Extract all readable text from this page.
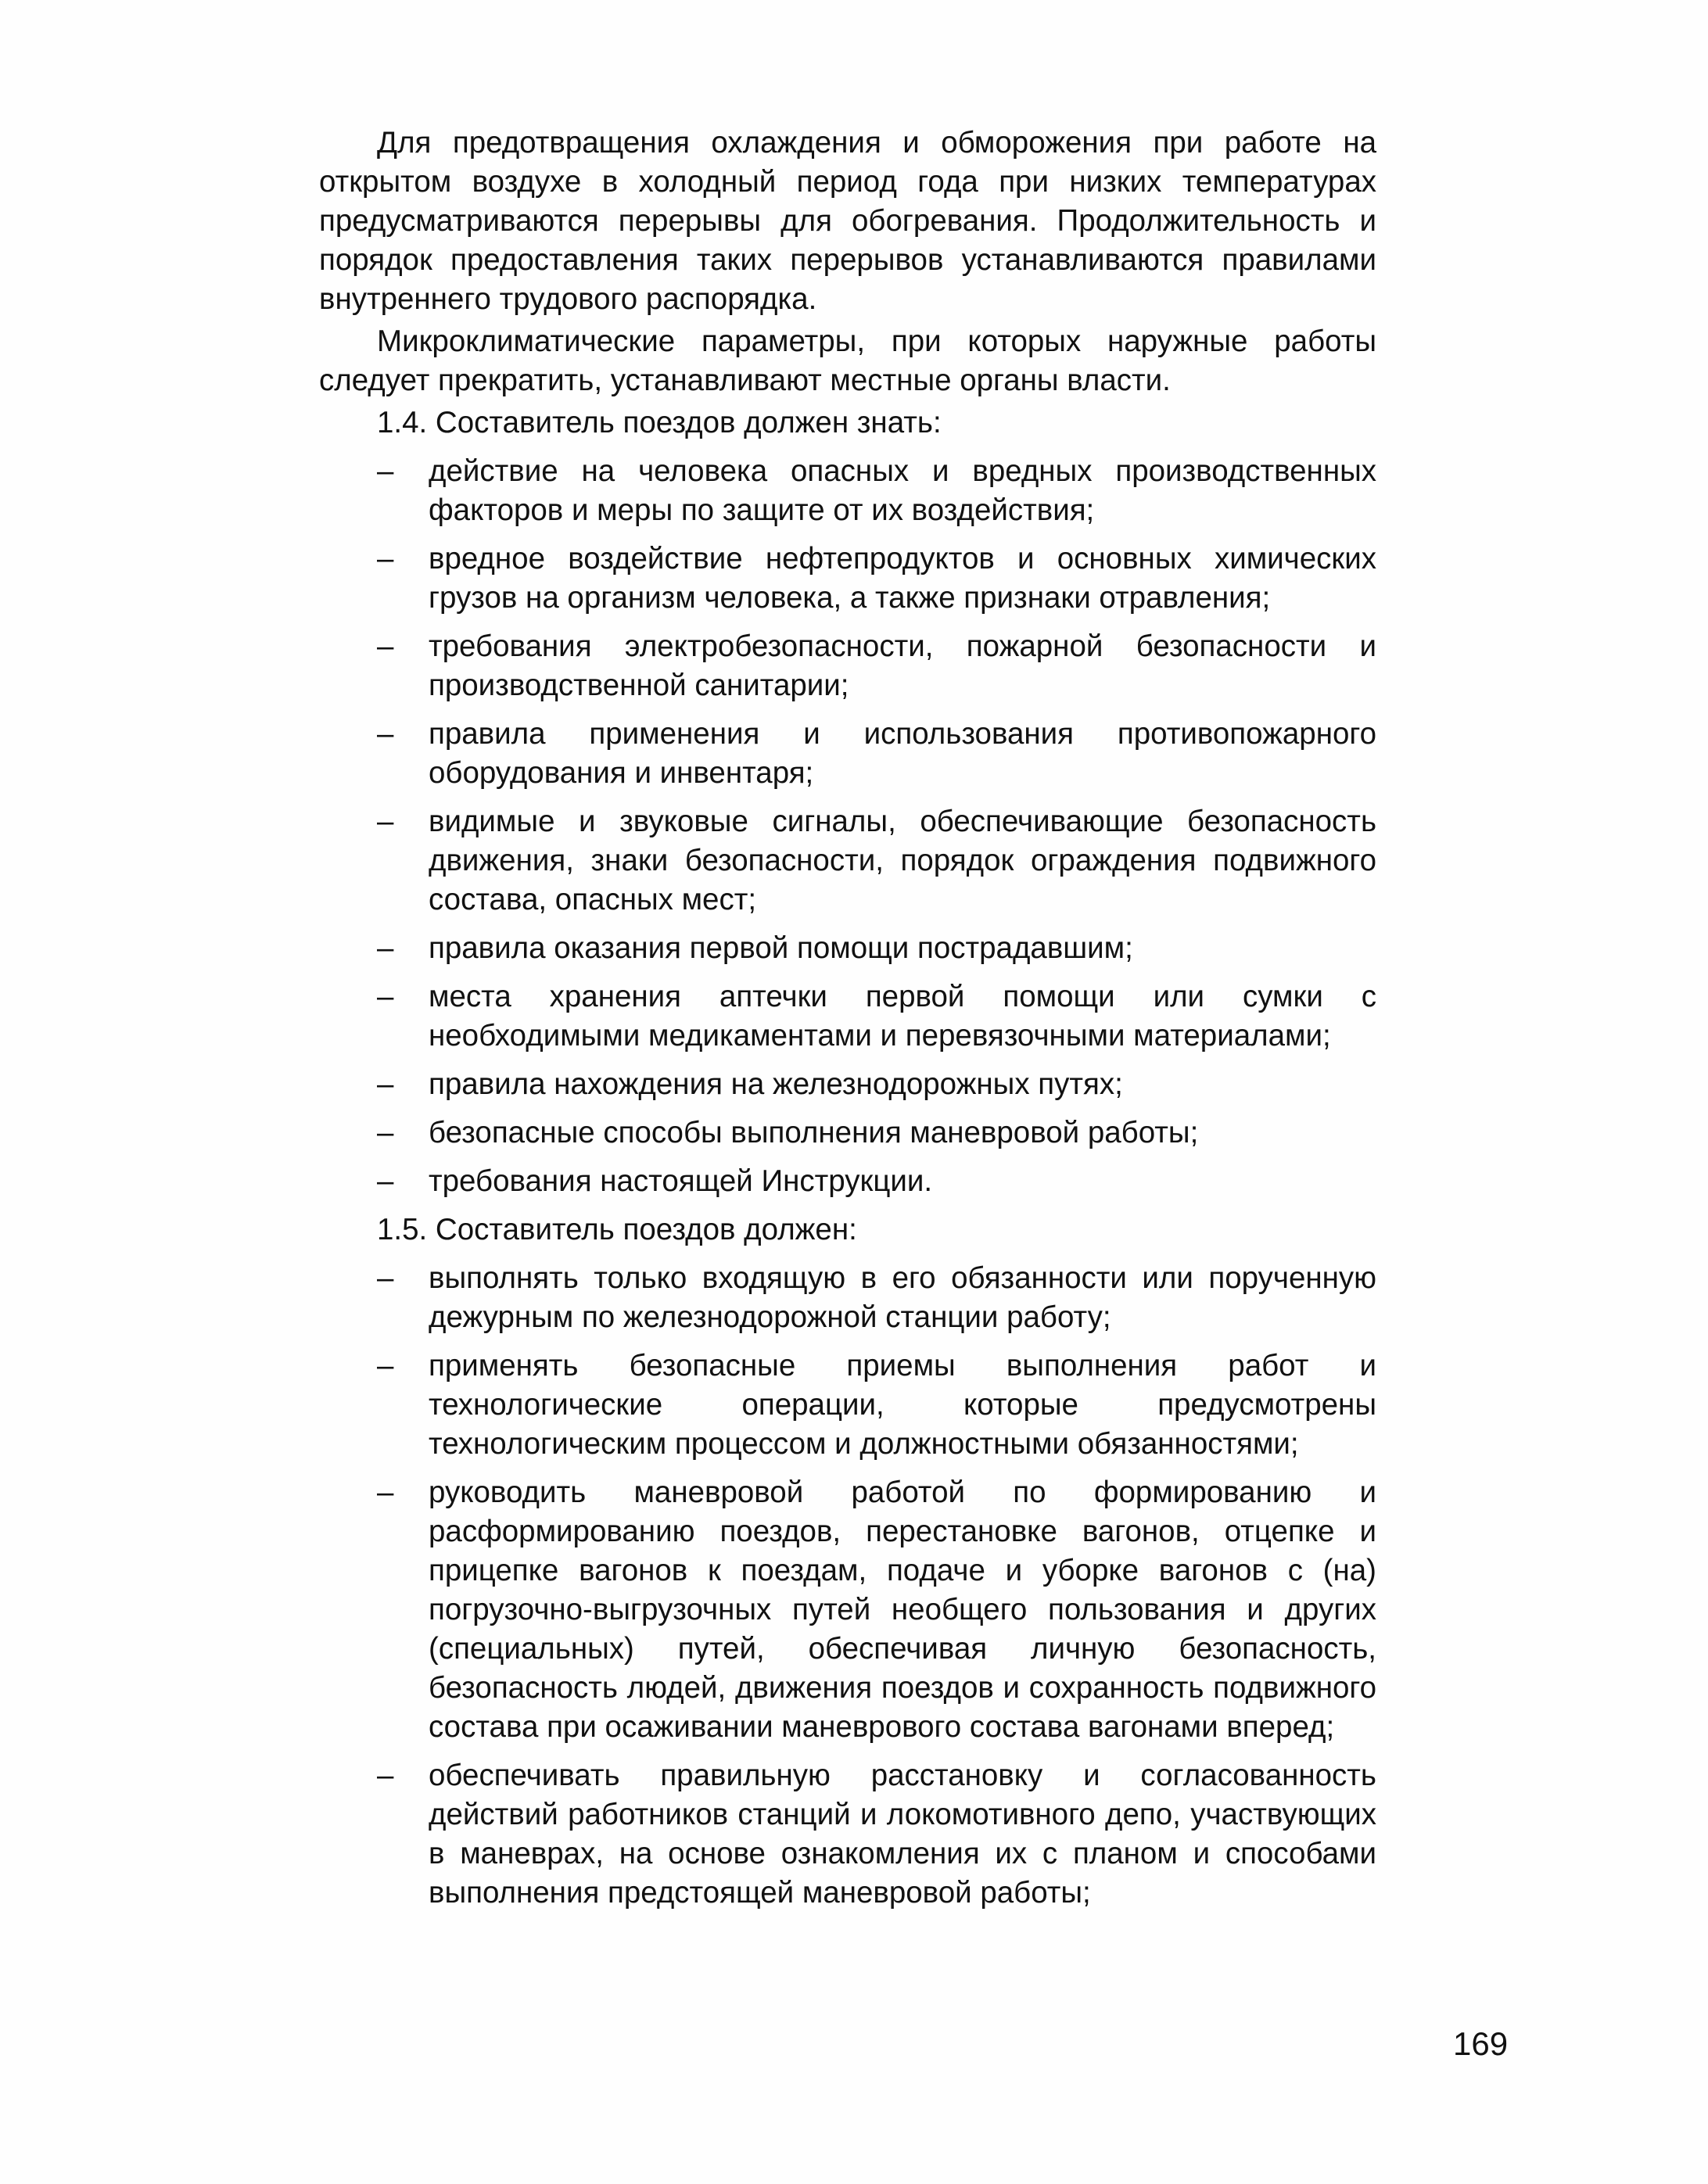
Для предотвращения охлаждения и обморожения при работе на открытом воздухе в холодный период года при низких температурах предусматриваются перерывы для обогревания. Продолжительность и порядок предоставления таких перерывов устанавливаются правилами внутреннего трудового распорядка.

Микроклиматические параметры, при которых наружные работы следует прекратить, устанавливают местные органы власти.

1.4. Составитель поездов должен знать:

– действие на человека опасных и вредных производственных факторов и меры по защите от их воздействия;
– вредное воздействие нефтепродуктов и основных химических грузов на организм человека, а также признаки отравления;
– требования электробезопасности, пожарной безопасности и производственной санитарии;
– правила применения и использования противопожарного оборудования и инвентаря;
– видимые и звуковые сигналы, обеспечивающие безопасность движения, знаки безопасности, порядок ограждения подвижного состава, опасных мест;
– правила оказания первой помощи пострадавшим;
– места хранения аптечки первой помощи или сумки с необходимыми медикаментами и перевязочными материалами;
– правила нахождения на железнодорожных путях;
– безопасные способы выполнения маневровой работы;
– требования настоящей Инструкции.

1.5. Составитель поездов должен:

– выполнять только входящую в его обязанности или порученную дежурным по железнодорожной станции работу;
– применять безопасные приемы выполнения работ и технологические операции, которые предусмотрены технологическим процессом и должностными обязанностями;
– руководить маневровой работой по формированию и расформированию поездов, перестановке вагонов, отцепке и прицепке вагонов к поездам, подаче и уборке вагонов с (на) погрузочно-выгрузочных путей необщего пользования и других (специальных) путей, обеспечивая личную безопасность, безопасность людей, движения поездов и сохранность подвижного состава при осаживании маневрового состава вагонами вперед;
– обеспечивать правильную расстановку и согласованность действий работников станций и локомотивного депо, участвующих в маневрах, на основе ознакомления их с планом и способами выполнения предстоящей маневровой работы;
169
